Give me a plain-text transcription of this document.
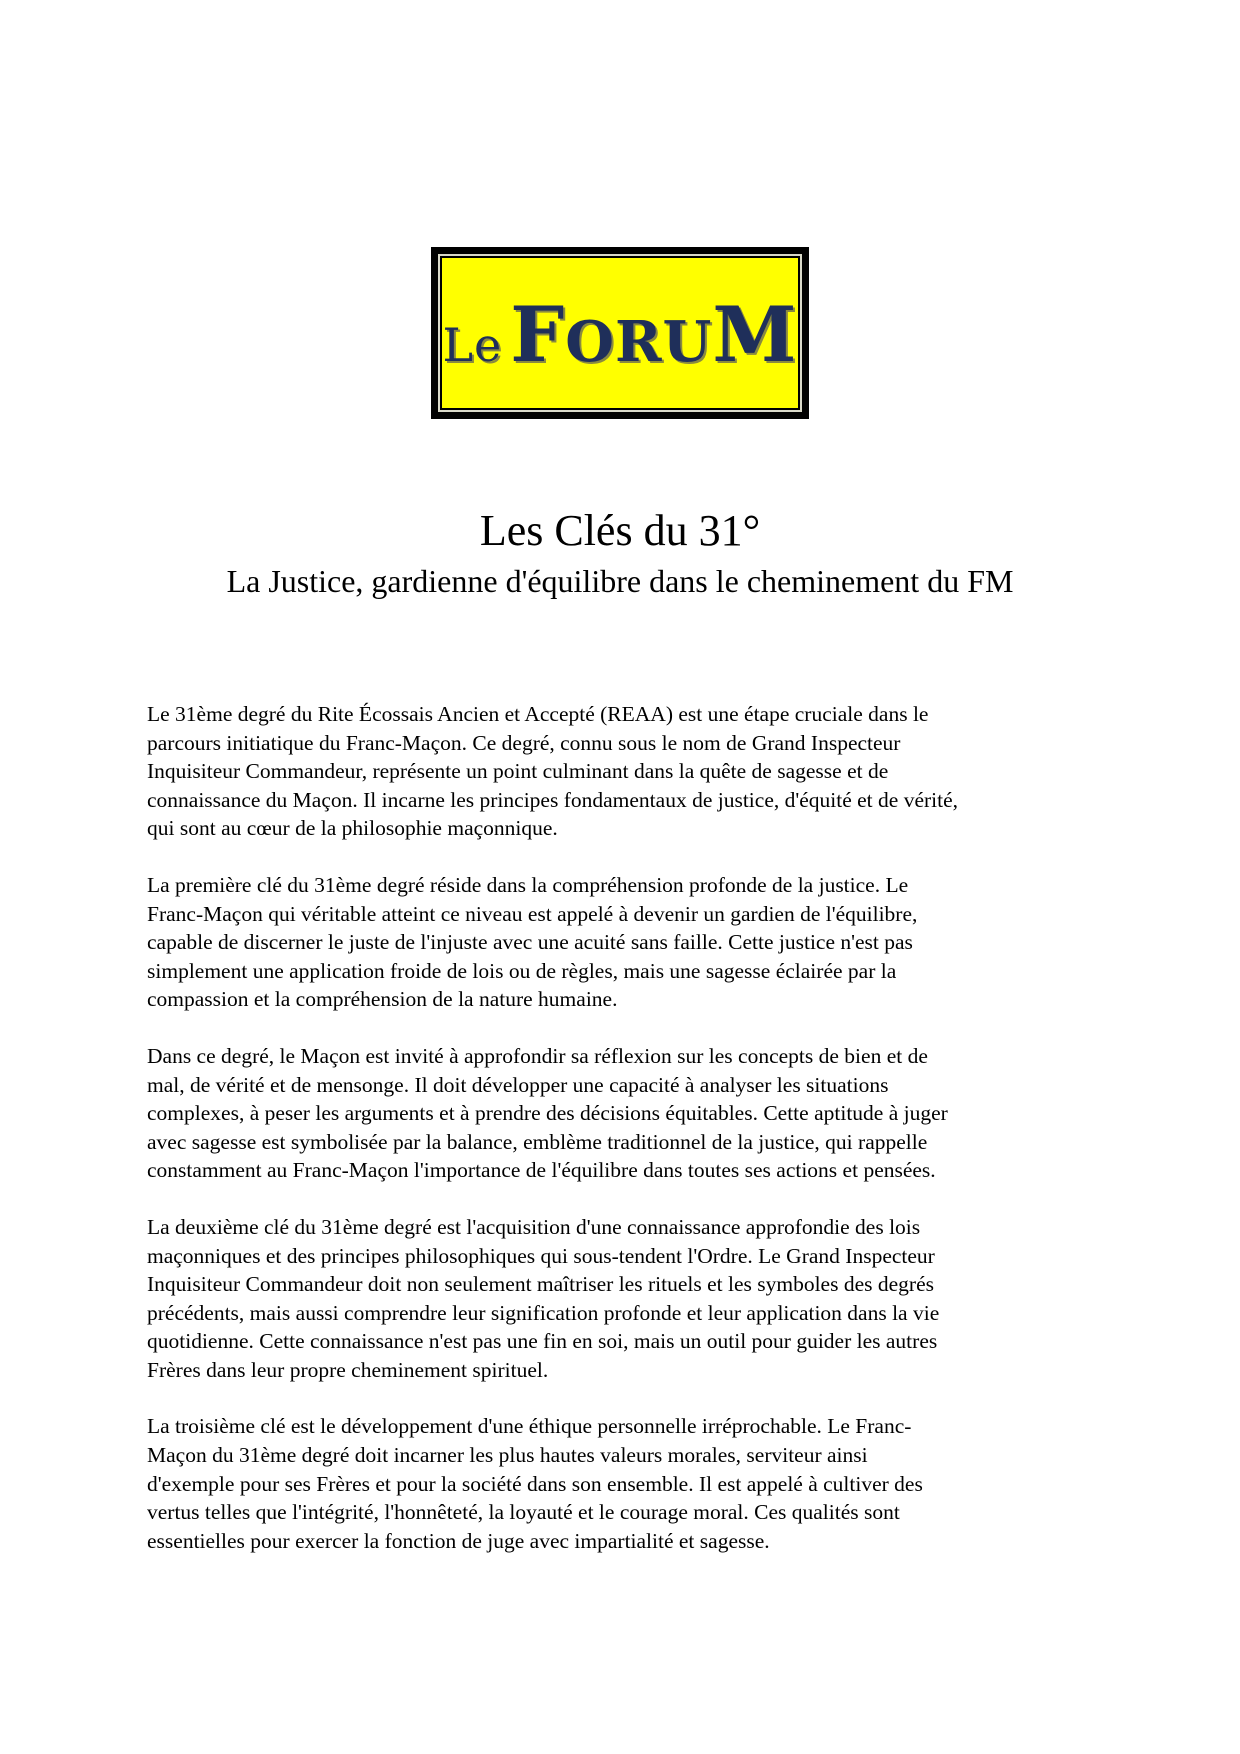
Le FORUM
Les Clés du 31°
La Justice, gardienne d'équilibre dans le cheminement du FM

Le 31ème degré du Rite Écossais Ancien et Accepté (REAA) est une étape cruciale dans le
parcours initiatique du Franc-Maçon. Ce degré, connu sous le nom de Grand Inspecteur
Inquisiteur Commandeur, représente un point culminant dans la quête de sagesse et de
connaissance du Maçon. Il incarne les principes fondamentaux de justice, d'équité et de vérité,
qui sont au cœur de la philosophie maçonnique.

La première clé du 31ème degré réside dans la compréhension profonde de la justice. Le
Franc-Maçon qui véritable atteint ce niveau est appelé à devenir un gardien de l'équilibre,
capable de discerner le juste de l'injuste avec une acuité sans faille. Cette justice n'est pas
simplement une application froide de lois ou de règles, mais une sagesse éclairée par la
compassion et la compréhension de la nature humaine.

Dans ce degré, le Maçon est invité à approfondir sa réflexion sur les concepts de bien et de
mal, de vérité et de mensonge. Il doit développer une capacité à analyser les situations
complexes, à peser les arguments et à prendre des décisions équitables. Cette aptitude à juger
avec sagesse est symbolisée par la balance, emblème traditionnel de la justice, qui rappelle
constamment au Franc-Maçon l'importance de l'équilibre dans toutes ses actions et pensées.

La deuxième clé du 31ème degré est l'acquisition d'une connaissance approfondie des lois
maçonniques et des principes philosophiques qui sous-tendent l'Ordre. Le Grand Inspecteur
Inquisiteur Commandeur doit non seulement maîtriser les rituels et les symboles des degrés
précédents, mais aussi comprendre leur signification profonde et leur application dans la vie
quotidienne. Cette connaissance n'est pas une fin en soi, mais un outil pour guider les autres
Frères dans leur propre cheminement spirituel.

La troisième clé est le développement d'une éthique personnelle irréprochable. Le Franc-
Maçon du 31ème degré doit incarner les plus hautes valeurs morales, serviteur ainsi
d'exemple pour ses Frères et pour la société dans son ensemble. Il est appelé à cultiver des
vertus telles que l'intégrité, l'honnêteté, la loyauté et le courage moral. Ces qualités sont
essentielles pour exercer la fonction de juge avec impartialité et sagesse.
